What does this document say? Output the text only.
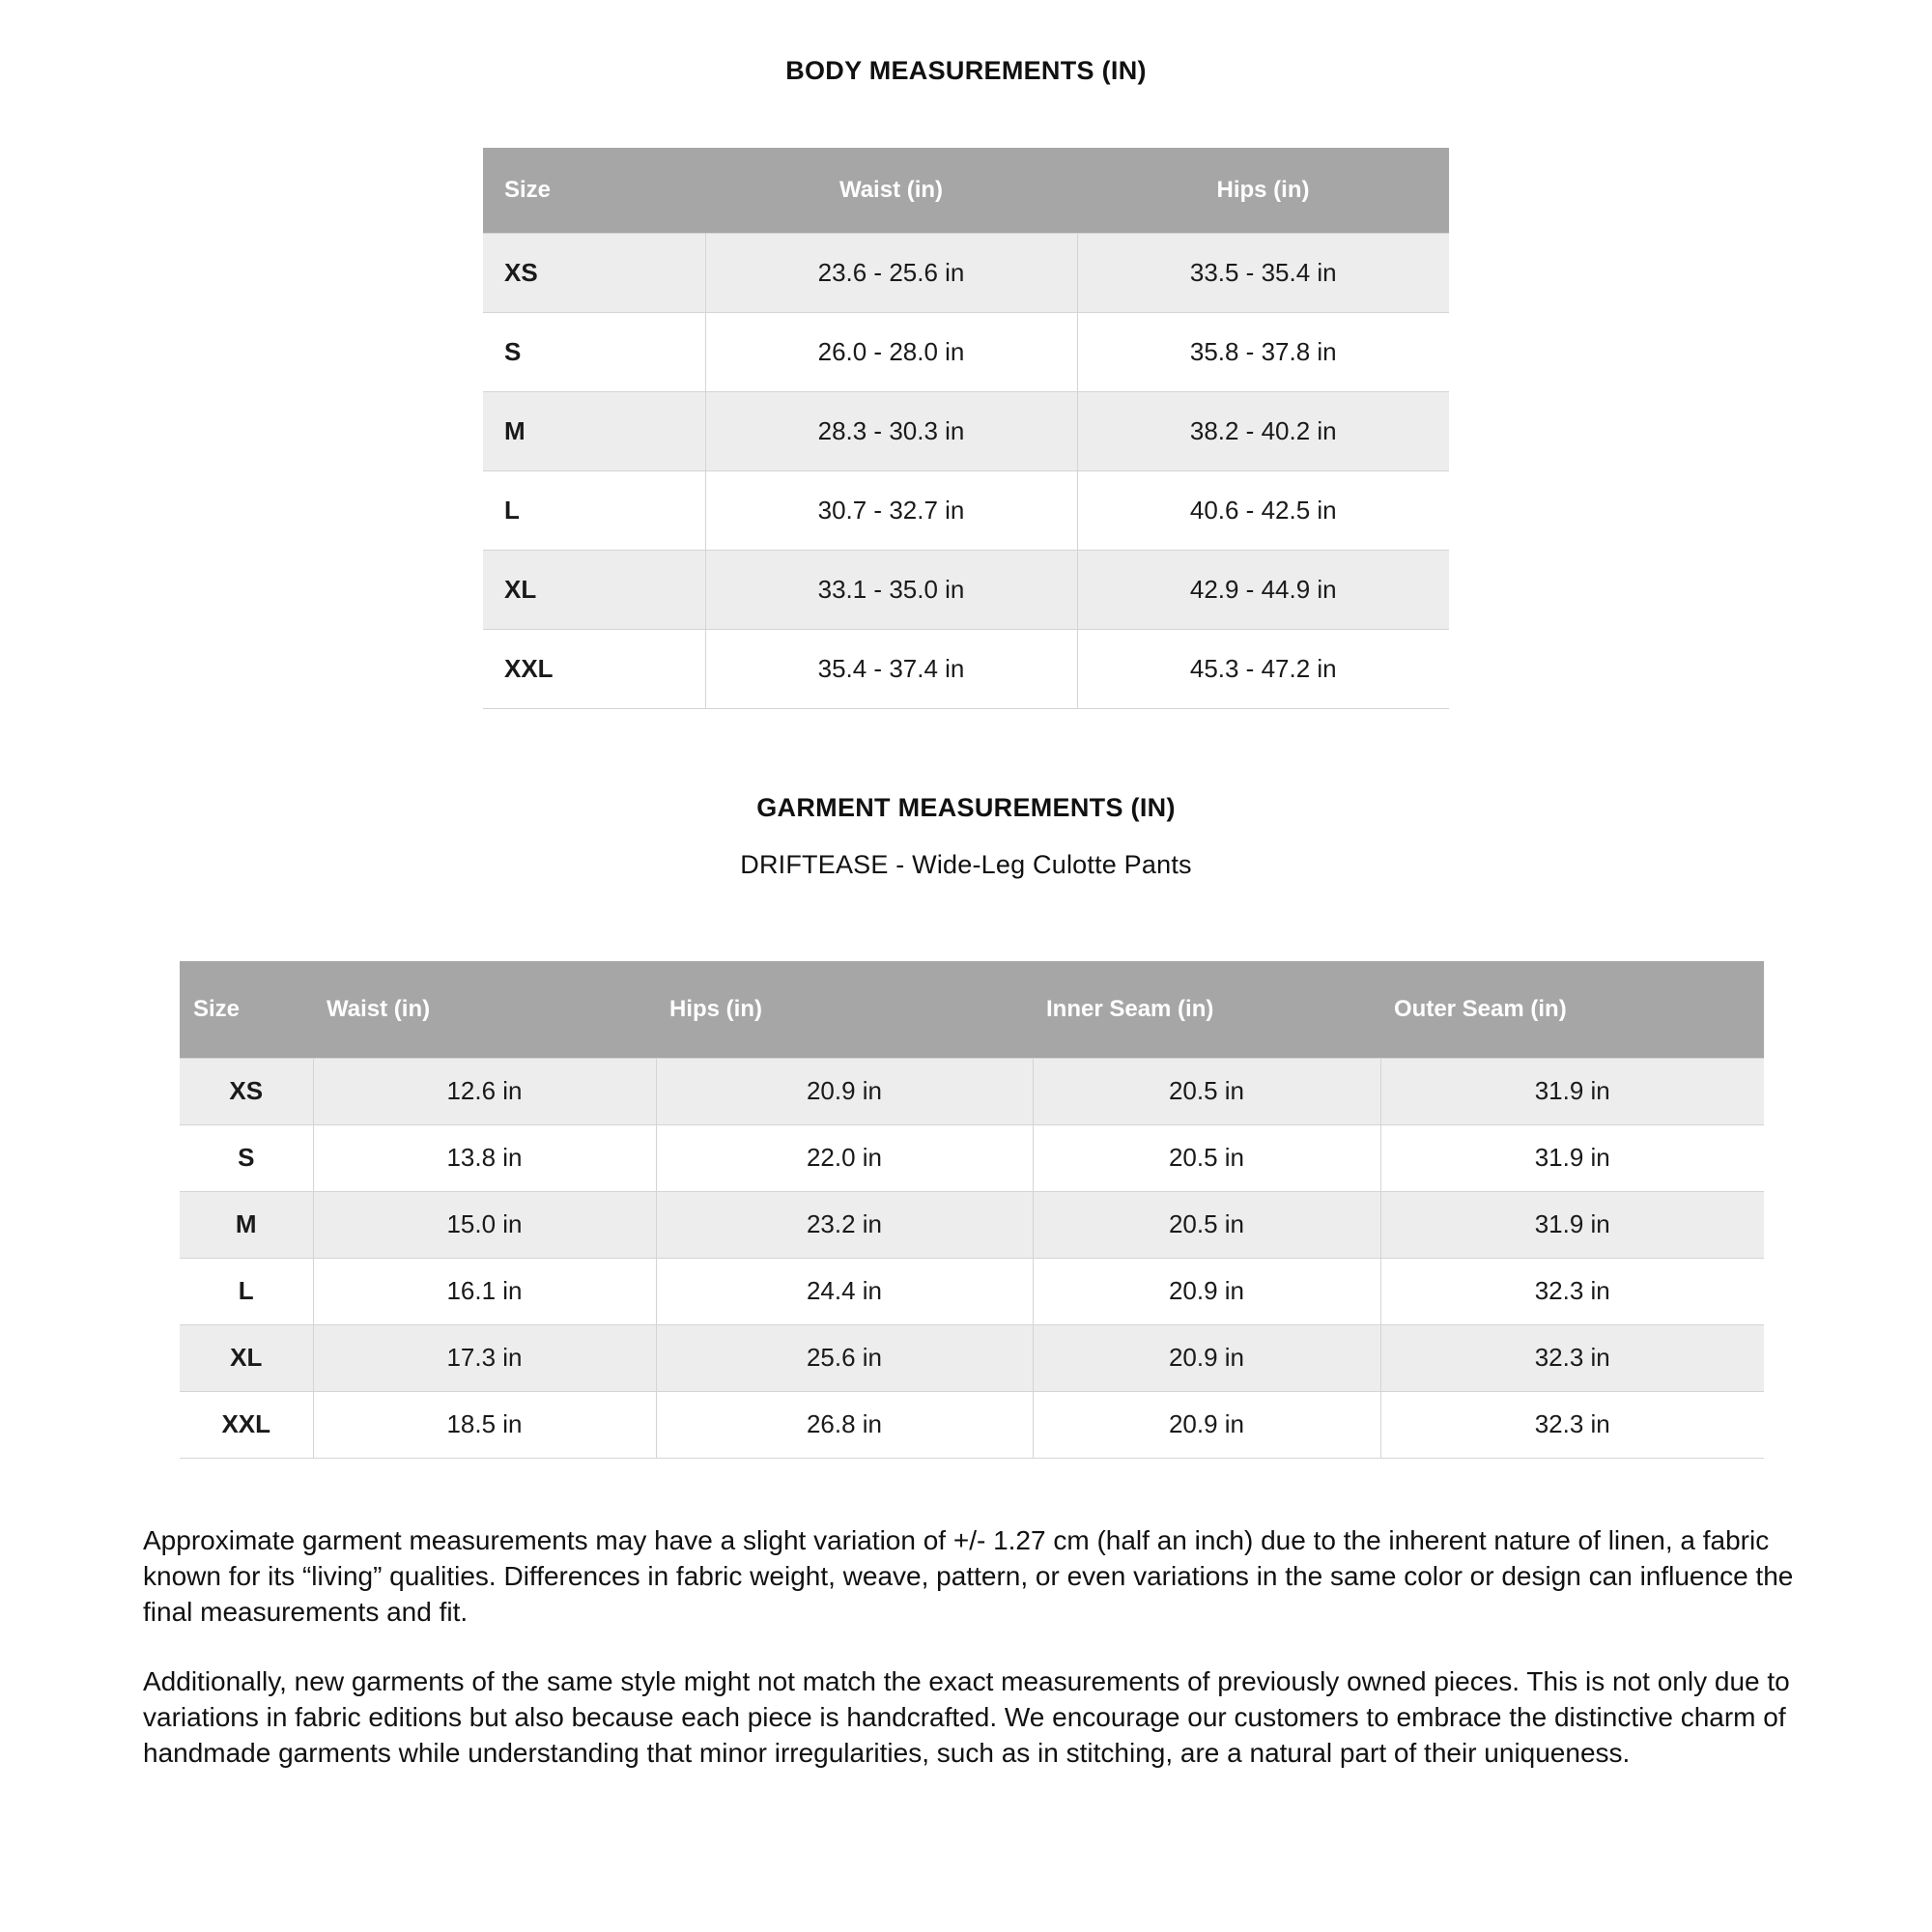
BODY MEASUREMENTS (IN)
Size	Waist (in)	Hips (in)
XS	23.6 - 25.6 in	33.5 - 35.4 in
S	26.0 - 28.0 in	35.8 - 37.8 in
M	28.3 - 30.3 in	38.2 - 40.2 in
L	30.7 - 32.7 in	40.6 - 42.5 in
XL	33.1 - 35.0 in	42.9 - 44.9 in
XXL	35.4 - 37.4 in	45.3 - 47.2 in
GARMENT MEASUREMENTS (IN)
DRIFTEASE - Wide-Leg Culotte Pants
Size	Waist (in)	Hips (in)	Inner Seam (in)	Outer Seam (in)
XS	12.6 in	20.9 in	20.5 in	31.9 in
S	13.8 in	22.0 in	20.5 in	31.9 in
M	15.0 in	23.2 in	20.5 in	31.9 in
L	16.1 in	24.4 in	20.9 in	32.3 in
XL	17.3 in	25.6 in	20.9 in	32.3 in
XXL	18.5 in	26.8 in	20.9 in	32.3 in

Approximate garment measurements may have a slight variation of +/- 1.27 cm (half an inch) due to the inherent nature of linen, a fabric known for its “living” qualities. Differences in fabric weight, weave, pattern, or even variations in the same color or design can influence the final measurements and fit.

Additionally, new garments of the same style might not match the exact measurements of previously owned pieces. This is not only due to variations in fabric editions but also because each piece is handcrafted. We encourage our customers to embrace the distinctive charm of handmade garments while understanding that minor irregularities, such as in stitching, are a natural part of their uniqueness.
